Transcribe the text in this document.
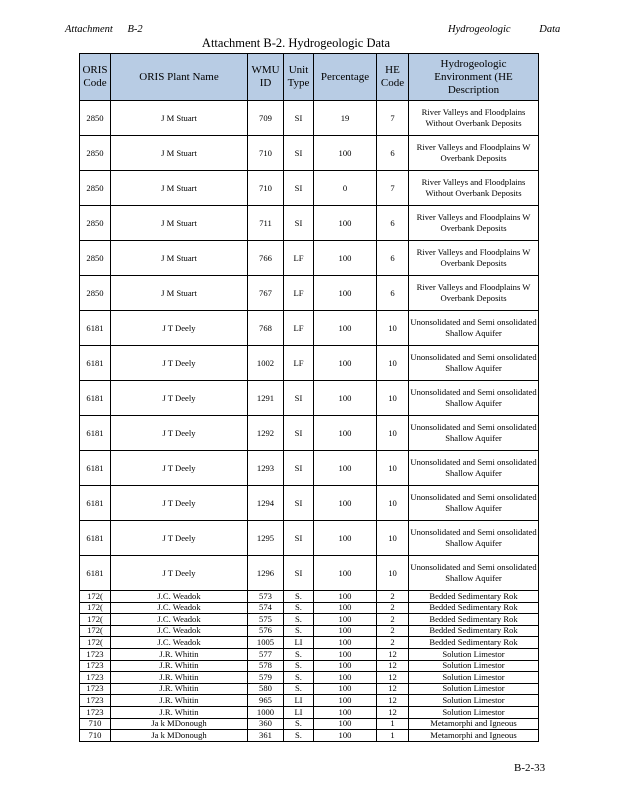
Attachment B-2	Hydrogeologic	Data
Attachment B-2. Hydrogeologic Data
ORIS Code	ORIS Plant Name	WMU ID	Unit Type	Percentage	HE Code	Hydrogeologic Environment (HE Description
2850	J M Stuart	709	SI	19	7	River Valleys and Floodplains Without Overbank Deposits
2850	J M Stuart	710	SI	100	6	River Valleys and Floodplains W Overbank Deposits
2850	J M Stuart	710	SI	0	7	River Valleys and Floodplains Without Overbank Deposits
2850	J M Stuart	711	SI	100	6	River Valleys and Floodplains W Overbank Deposits
2850	J M Stuart	766	LF	100	6	River Valleys and Floodplains W Overbank Deposits
2850	J M Stuart	767	LF	100	6	River Valleys and Floodplains W Overbank Deposits
6181	J T Deely	768	LF	100	10	Unonsolidated and Semi onsolidated Shallow Aquifer
6181	J T Deely	1002	LF	100	10	Unonsolidated and Semi onsolidated Shallow Aquifer
6181	J T Deely	1291	SI	100	10	Unonsolidated and Semi onsolidated Shallow Aquifer
6181	J T Deely	1292	SI	100	10	Unonsolidated and Semi onsolidated Shallow Aquifer
6181	J T Deely	1293	SI	100	10	Unonsolidated and Semi onsolidated Shallow Aquifer
6181	J T Deely	1294	SI	100	10	Unonsolidated and Semi onsolidated Shallow Aquifer
6181	J T Deely	1295	SI	100	10	Unonsolidated and Semi onsolidated Shallow Aquifer
6181	J T Deely	1296	SI	100	10	Unonsolidated and Semi onsolidated Shallow Aquifer
172(	J.C. Weadok	573	S.	100	2	Bedded Sedimentary Rok
172(	J.C. Weadok	574	S.	100	2	Bedded Sedimentary Rok
172(	J.C. Weadok	575	S.	100	2	Bedded Sedimentary Rok
172(	J.C. Weadok	576	S.	100	2	Bedded Sedimentary Rok
172(	J.C. Weadok	1005	LI	100	2	Bedded Sedimentary Rok
1723	J.R. Whitin	577	S.	100	12	Solution Limestor
1723	J.R. Whitin	578	S.	100	12	Solution Limestor
1723	J.R. Whitin	579	S.	100	12	Solution Limestor
1723	J.R. Whitin	580	S.	100	12	Solution Limestor
1723	J.R. Whitin	965	LI	100	12	Solution Limestor
1723	J.R. Whitin	1000	LI	100	12	Solution Limestor
710	Ja k MDonough	360	S.	100	1	Metamorphi and Igneous
710	Ja k MDonough	361	S.	100	1	Metamorphi and Igneous
B-2-33
